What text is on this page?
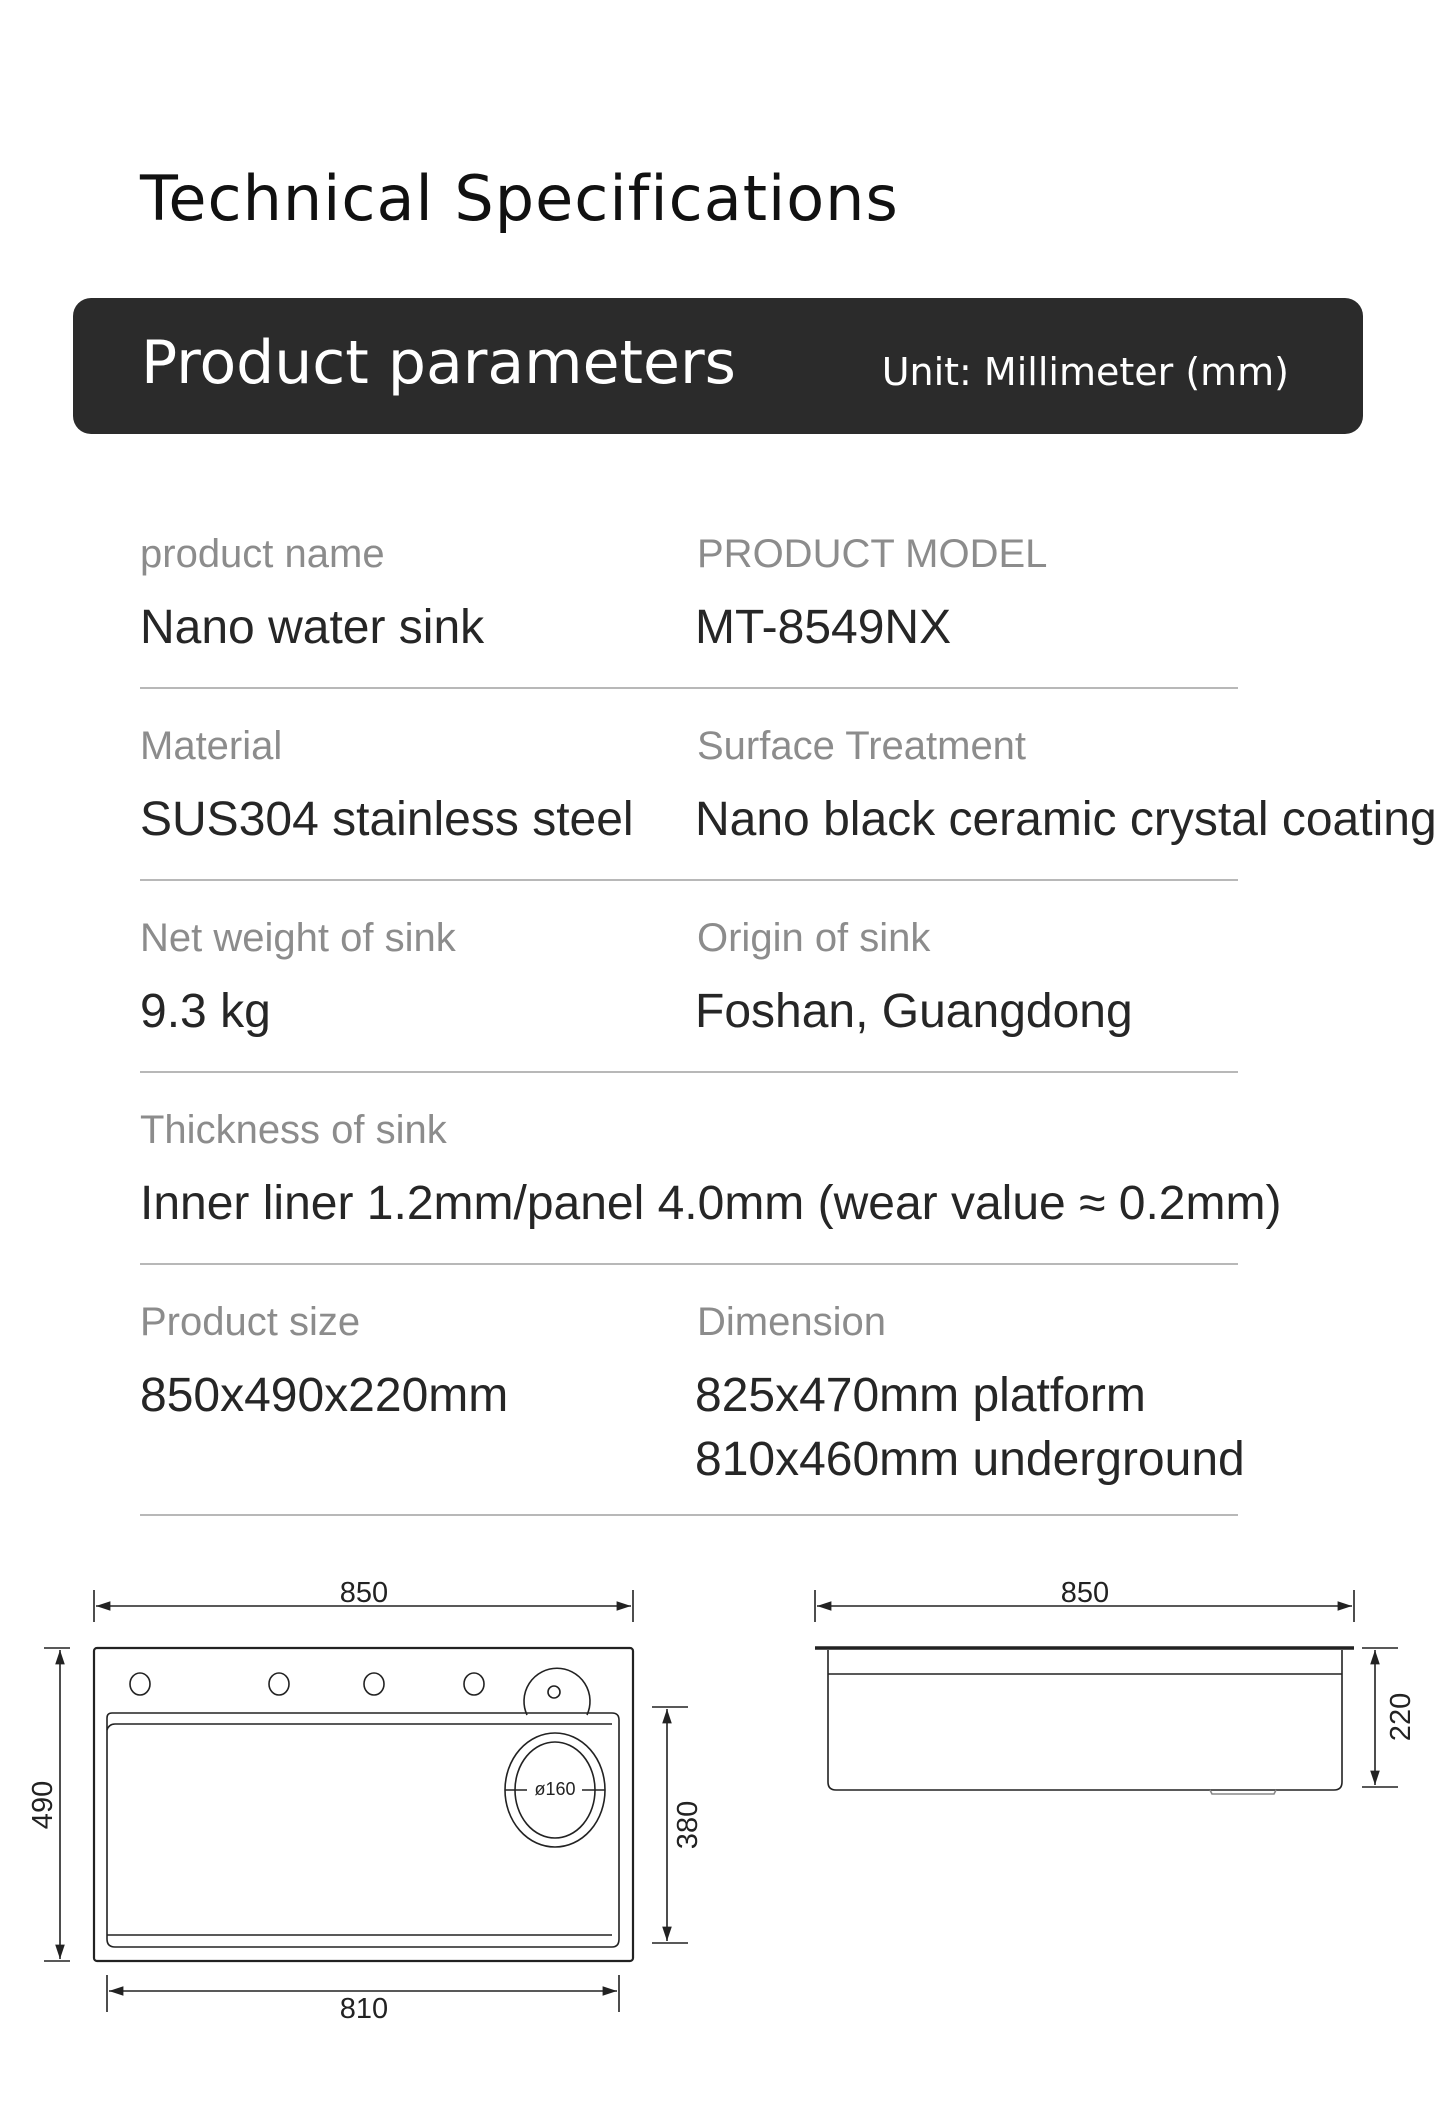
Technical Specifications
Product parameters	Unit: Millimeter (mm)
product name
Nano water sink
PRODUCT MODEL
MT-8549NX
Material
SUS304 stainless steel
Surface Treatment
Nano black ceramic crystal coating
Net weight of sink
9.3 kg
Origin of sink
Foshan, Guangdong
Thickness of sink
Inner liner 1.2mm/panel 4.0mm (wear value ≈ 0.2mm)
Product size
850x490x220mm
Dimension
825x470mm platform
810x460mm underground
850
490	380
810
ø160
850
220
